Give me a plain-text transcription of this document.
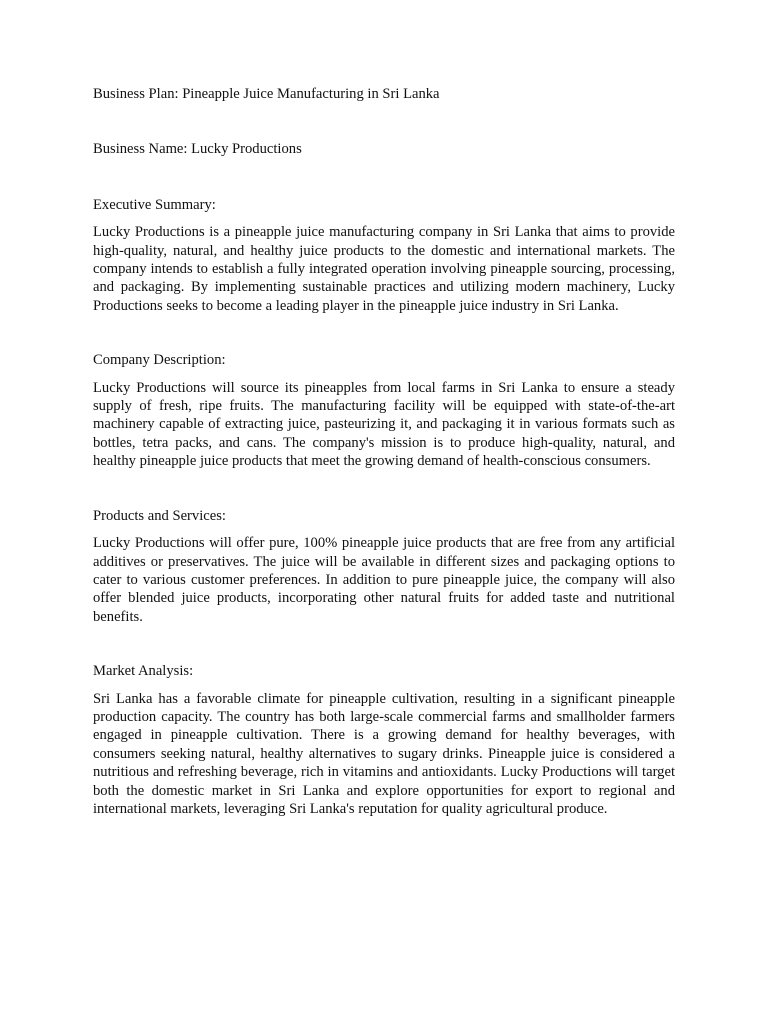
Business Plan: Pineapple Juice Manufacturing in Sri Lanka

Business Name: Lucky Productions

Executive Summary:

Lucky Productions is a pineapple juice manufacturing company in Sri Lanka that aims to provide high-quality, natural, and healthy juice products to the domestic and international markets. The company intends to establish a fully integrated operation involving pineapple sourcing, processing, and packaging. By implementing sustainable practices and utilizing modern machinery, Lucky Productions seeks to become a leading player in the pineapple juice industry in Sri Lanka.

Company Description:

Lucky Productions will source its pineapples from local farms in Sri Lanka to ensure a steady supply of fresh, ripe fruits. The manufacturing facility will be equipped with state-of-the-art machinery capable of extracting juice, pasteurizing it, and packaging it in various formats such as bottles, tetra packs, and cans. The company's mission is to produce high-quality, natural, and healthy pineapple juice products that meet the growing demand of health-conscious consumers.

Products and Services:

Lucky Productions will offer pure, 100% pineapple juice products that are free from any artificial additives or preservatives. The juice will be available in different sizes and packaging options to cater to various customer preferences. In addition to pure pineapple juice, the company will also offer blended juice products, incorporating other natural fruits for added taste and nutritional benefits.

Market Analysis:

Sri Lanka has a favorable climate for pineapple cultivation, resulting in a significant pineapple production capacity. The country has both large-scale commercial farms and smallholder farmers engaged in pineapple cultivation. There is a growing demand for healthy beverages, with consumers seeking natural, healthy alternatives to sugary drinks. Pineapple juice is considered a nutritious and refreshing beverage, rich in vitamins and antioxidants. Lucky Productions will target both the domestic market in Sri Lanka and explore opportunities for export to regional and international markets, leveraging Sri Lanka's reputation for quality agricultural produce.
